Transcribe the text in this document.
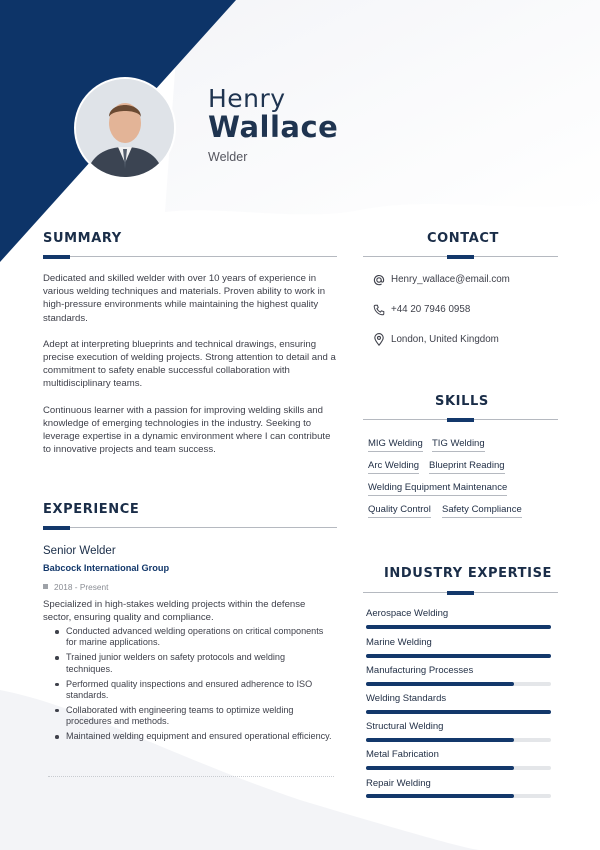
Henry
Wallace
Welder
SUMMARY

Dedicated and skilled welder with over 10 years of experience in various welding techniques and materials. Proven ability to work in high-pressure environments while maintaining the highest quality standards.

Adept at interpreting blueprints and technical drawings, ensuring precise execution of welding projects. Strong attention to detail and a commitment to safety enable successful collaboration with multidisciplinary teams.

Continuous learner with a passion for improving welding skills and knowledge of emerging technologies in the industry. Seeking to leverage expertise in a dynamic environment where I can contribute to innovative projects and team success.

EXPERIENCE
Senior Welder
Babcock International Group
2018 - Present
Specialized in high-stakes welding projects within the defense sector, ensuring quality and compliance.
Conducted advanced welding operations on critical components for marine applications.
Trained junior welders on safety protocols and welding techniques.
Performed quality inspections and ensured adherence to ISO standards.
Collaborated with engineering teams to optimize welding procedures and methods.
Maintained welding equipment and ensured operational efficiency.
CONTACT
Henry_wallace@email.com
+44 20 7946 0958
London, United Kingdom
SKILLS
MIG Welding TIG Welding
Arc Welding Blueprint Reading
Welding Equipment Maintenance
Quality Control Safety Compliance
INDUSTRY EXPERTISE
Aerospace Welding
Marine Welding
Manufacturing Processes
Welding Standards
Structural Welding
Metal Fabrication
Repair Welding
